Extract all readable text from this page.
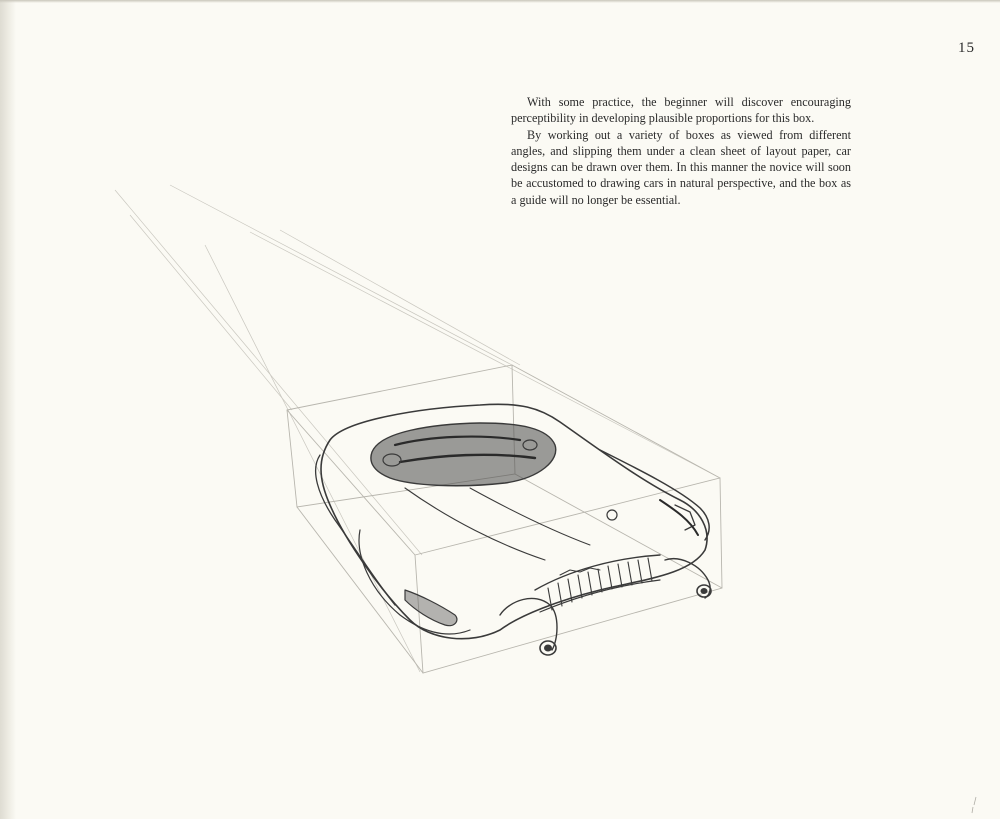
15

With some practice, the beginner will discover encouraging perceptibility in developing plausible proportions for this box.

By working out a variety of boxes as viewed from different angles, and slipping them under a clean sheet of layout paper, car designs can be drawn over them. In this manner the novice will soon be accustomed to drawing cars in natural perspective, and the box as a guide will no longer be essential.
